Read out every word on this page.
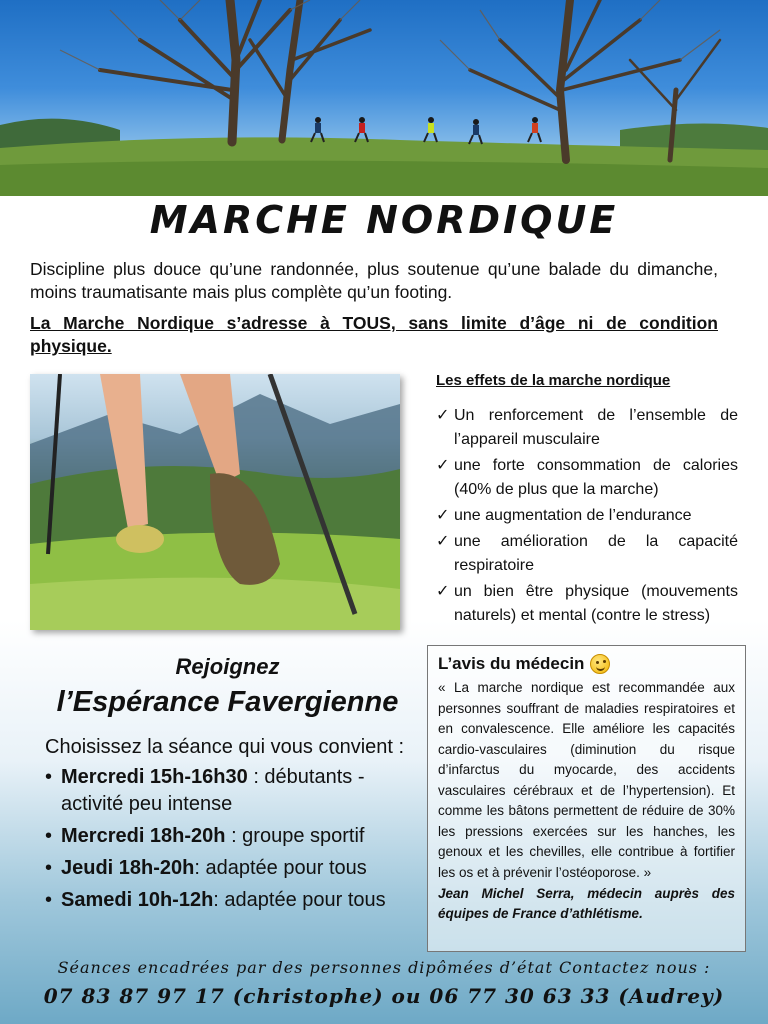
MARCHE NORDIQUE

Discipline plus douce qu’une randonnée, plus soutenue qu’une balade du dimanche, moins traumatisante mais plus complète qu’un footing.

La Marche Nordique s’adresse à TOUS, sans limite d’âge ni de condition physique.

Les effets de la marche nordique
✓ Un renforcement de l’ensemble de l’appareil musculaire
✓ une forte consommation de calories (40% de plus que la marche)
✓ une augmentation de l’endurance
✓ une amélioration de la capacité respiratoire
✓ un bien être physique (mouvements naturels) et mental (contre le stress)
Rejoignez
l’Espérance Favergienne
Choisissez la séance qui vous convient :
• Mercredi 15h-16h30 : débutants - activité peu intense
• Mercredi 18h-20h : groupe sportif
• Jeudi 18h-20h: adaptée pour tous
• Samedi 10h-12h: adaptée pour tous
L’avis du médecin

« La marche nordique est recommandée aux personnes souffrant de maladies respiratoires et en convalescence. Elle améliore les capacités cardio-vasculaires (diminution du risque d’infarctus du myocarde, des accidents vasculaires cérébraux et de l’hypertension). Et comme les bâtons permettent de réduire de 30% les pressions exercées sur les hanches, les genoux et les chevilles, elle contribue à fortifier les os et à prévenir l’ostéoporose. »

Jean Michel Serra, médecin auprès des équipes de France d’athlétisme.

Séances encadrées par des personnes dipômées d’état Contactez nous :
07 83 87 97 17 (christophe) ou 06 77 30 63 33 (Audrey)
